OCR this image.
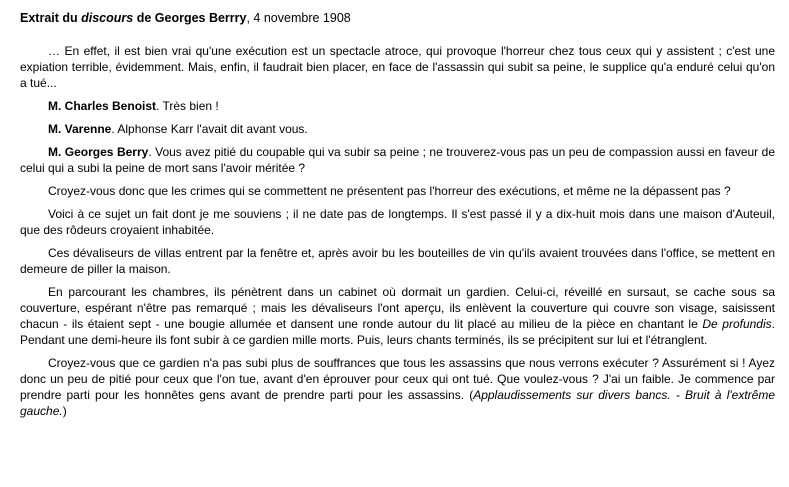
Extrait du discours de Georges Berrry, 4 novembre 1908

… En effet, il est bien vrai qu'une exécution est un spectacle atroce, qui provoque l'horreur chez tous ceux qui y assistent ; c'est une expiation terrible, évidemment. Mais, enfin, il faudrait bien placer, en face de l'assassin qui subit sa peine, le supplice qu'a enduré celui qu'on a tué...

M. Charles Benoist. Très bien !

M. Varenne. Alphonse Karr l'avait dit avant vous.

M. Georges Berry. Vous avez pitié du coupable qui va subir sa peine ; ne trouverez-vous pas un peu de compassion aussi en faveur de celui qui a subi la peine de mort sans l'avoir méritée ?

Croyez-vous donc que les crimes qui se commettent ne présentent pas l'horreur des exécutions, et même ne la dépassent pas ?

Voici à ce sujet un fait dont je me souviens ; il ne date pas de longtemps. Il s'est passé il y a dix-huit mois dans une maison d'Auteuil, que des rôdeurs croyaient inhabitée.

Ces dévaliseurs de villas entrent par la fenêtre et, après avoir bu les bouteilles de vin qu'ils avaient trouvées dans l'office, se mettent en demeure de piller la maison.

En parcourant les chambres, ils pénètrent dans un cabinet où dormait un gardien. Celui-ci, réveillé en sursaut, se cache sous sa couverture, espérant n'être pas remarqué ; mais les dévaliseurs l'ont aperçu, ils enlèvent la couverture qui couvre son visage, saisissent chacun - ils étaient sept - une bougie allumée et dansent une ronde autour du lit placé au milieu de la pièce en chantant le De profundis. Pendant une demi-heure ils font subir à ce gardien mille morts. Puis, leurs chants terminés, ils se précipitent sur lui et l'étranglent.

Croyez-vous que ce gardien n'a pas subi plus de souffrances que tous les assassins que nous verrons exécuter ? Assurément si ! Ayez donc un peu de pitié pour ceux que l'on tue, avant d'en éprouver pour ceux qui ont tué. Que voulez-vous ? J'ai un faible. Je commence par prendre parti pour les honnêtes gens avant de prendre parti pour les assassins. (Applaudissements sur divers bancs. - Bruit à l'extrême gauche.)
